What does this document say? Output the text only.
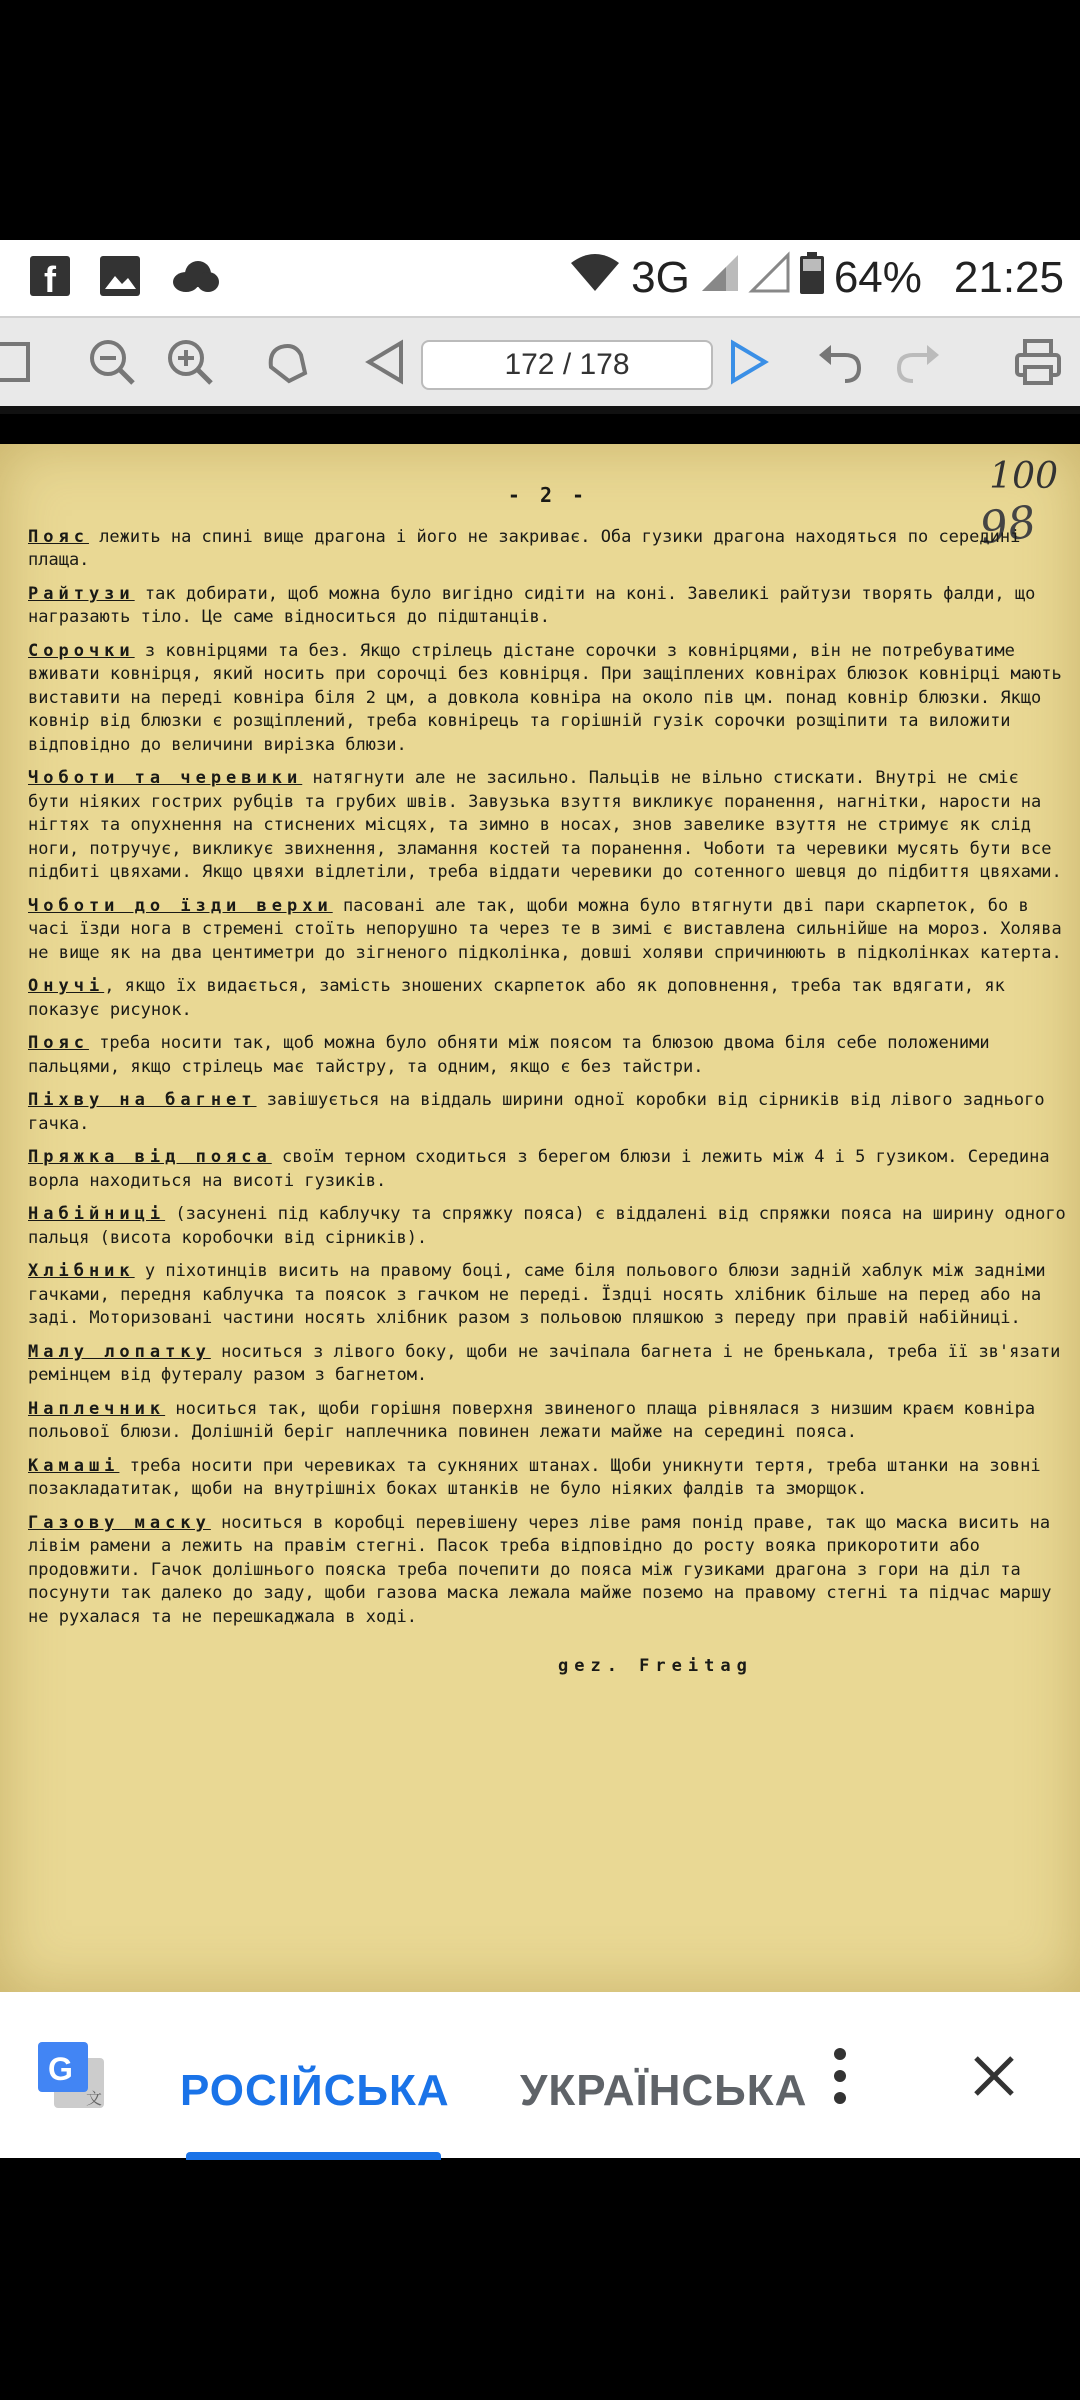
f	3G	64% 21:25
172 / 178
100
98
- 2 -
Пояс лежить на спині вище драгона і його не закриває. Оба гузики драгона находяться по середині плаща.
Райтузи так добирати, щоб можна було вигідно сидіти на коні. Завеликі райтузи творять фалди, що награзають тіло. Це саме відноситься до підштанців.
Сорочки з ковнірцями та без. Якщо стрілець дістане сорочки з ковнірцями, він не потребуватиме вживати ковнірця, який носить при сорочці без ковнірця. При защіплених ковнірах блюзок ковнірці мають виставити на переді ковніра біля 2 цм, а довкола ковніра на около пів цм. понад ковнір блюзки. Якщо ковнір від блюзки є розщіплений, треба ковнірець та горішній гузік сорочки розщіпити та виложити відповідно до величини вирізка блюзи.
Чоботи та черевики натягнути але не засильно. Пальців не вільно стискати. Внутрі не сміє бути ніяких гострих рубців та грубих швів. Завузька взуття викликує поранення, нагнітки, нарости на нігтях та опухнення на стиснених місцях, та зимно в носах, знов завелике взуття не стримує як слід ноги, потручує, викликує звихнення, зламання костей та поранення. Чоботи та черевики мусять бути все підбиті цвяхами. Якщо цвяхи відлетіли, треба віддати черевики до сотенного шевця до підбиття цвяхами.
Чоботи до їзди верхи пасовані але так, щоби можна було втягнути дві пари скарпеток, бо в часі їзди нога в стремені стоїть непорушно та через те в зимі є виставлена сильнійше на мороз. Холява не вище як на два центиметри до зігненого підколінка, довші холяви спричинюють в підколінках катерта.
Онучі, якщо їх видається, замість зношених скарпеток або як доповнення, треба так вдягати, як показує рисунок.
Пояс треба носити так, щоб можна було обняти між поясом та блюзою двома біля себе положеними пальцями, якщо стрілець має тайстру, та одним, якщо є без тайстри.
Піхву на багнет завішується на віддаль ширини одної коробки від сірників від лівого заднього гачка.
Пряжка від пояса своїм терном сходиться з берегом блюзи і лежить між 4 і 5 гузиком. Середина ворла находиться на висоті гузиків.
Набійниці (засунені під каблучку та спряжку пояса) є віддалені від спряжки пояса на ширину одного пальця (висота коробочки від сірників).
Хлібник у піхотинців висить на правому боці, саме біля польового блюзи задній хаблук між задніми гачками, передня каблучка та поясок з гачком не переді. Їздці носять хлібник більше на перед або на заді. Моторизовані частини носять хлібник разом з польовою пляшкою з переду при правій набійниці.
Малу лопатку носиться з лівого боку, щоби не зачіпала багнета і не бренькала, треба її зв'язати ремінцем від футералу разом з багнетом.
Наплечник носиться так, щоби горішня поверхня звиненого плаща рівнялася з низшим краєм ковніра польової блюзи. Долішній беріг наплечника повинен лежати майже на середині пояса.
Камаші треба носити при черевиках та сукняних штанах. Щоби уникнути тертя, треба штанки на зовні позакладатитак, щоби на внутрішніх боках штанків не було ніяких фалдів та зморщок.
Газову маску носиться в коробці перевішену через ліве рамя понід праве, так що маска висить на лівім рамени а лежить на правім стегні. Пасок треба відповідно до росту вояка прикоротити або продовжити. Гачок долішнього пояска треба почепити до пояса між гузиками драгона з гори на діл та посунути так далеко до заду, щоби газова маска лежала майже поземо на правому стегні та підчас маршу не рухалася та не перешкаджала в ході.
gez. Freitag
G
文 РОСІЙСЬКА УКРАЇНСЬКА
